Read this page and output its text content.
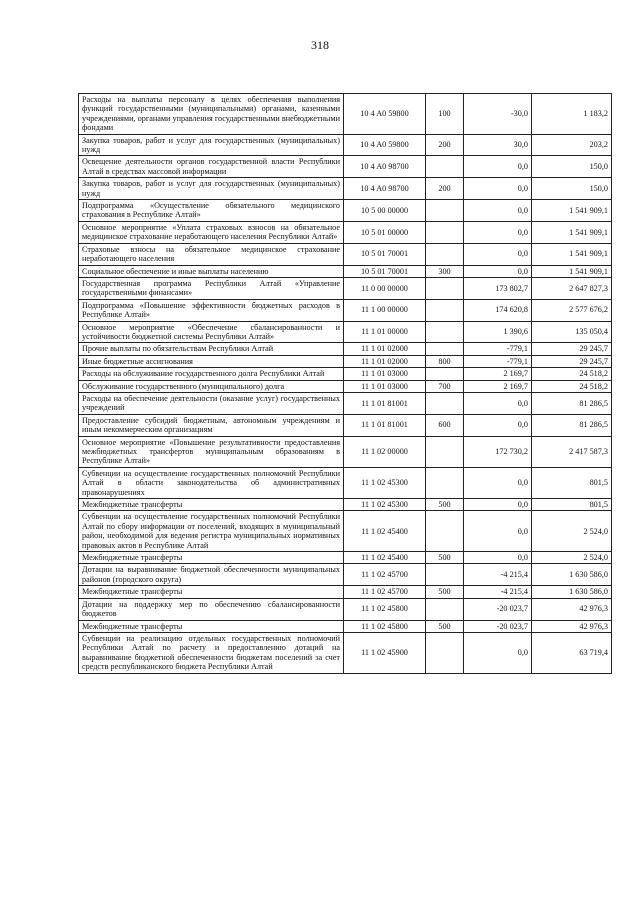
318
Расходы на выплаты персоналу в целях обеспечения выполнения функций государственными (муниципальными) органами, казенными учреждениями, органами управления государственными внебюджетными фондами	10 4 A0 59800	100	-30,0	1 183,2
Закупка товаров, работ и услуг для государственных (муниципальных) нужд	10 4 A0 59800	200	30,0	203,2
Освещение деятельности органов государственной власти Республики Алтай в средствах массовой информации	10 4 A0 98700		0,0	150,0
Закупка товаров, работ и услуг для государственных (муниципальных) нужд	10 4 A0 98700	200	0,0	150,0
Подпрограмма «Осуществление обязательного медицинского страхования в Республике Алтай»	10 5 00 00000		0,0	1 541 909,1
Основное мероприятие «Уплата страховых взносов на обязательное медицинское страхование неработающего населения Республики Алтай»	10 5 01 00000		0,0	1 541 909,1
Страховые взносы на обязательное медицинское страхование неработающего населения	10 5 01 70001		0,0	1 541 909,1
Социальное обеспечение и иные выплаты населению	10 5 01 70001	300	0,0	1 541 909,1
Государственная программа Республики Алтай «Управление государственными финансами»	11 0 00 00000		173 802,7	2 647 827,3
Подпрограмма «Повышение эффективности бюджетных расходов в Республике Алтай»	11 1 00 00000		174 620,8	2 577 676,2
Основное мероприятие «Обеспечение сбалансированности и устойчивости бюджетной системы Республики Алтай»	11 1 01 00000		1 390,6	135 050,4
Прочие выплаты по обязательствам Республики Алтай	11 1 01 02000		-779,1	29 245,7
Иные бюджетные ассигнования	11 1 01 02000	800	-779,1	29 245,7
Расходы на обслуживание государственного долга Республики Алтай	11 1 01 03000		2 169,7	24 518,2
Обслуживание государственного (муниципального) долга	11 1 01 03000	700	2 169,7	24 518,2
Расходы на обеспечение деятельности (оказание услуг) государственных учреждений	11 1 01 81001		0,0	81 286,5
Предоставление субсидий бюджетным, автономным учреждениям и иным некоммерческим организациям	11 1 01 81001	600	0,0	81 286,5
Основное мероприятие «Повышение результативности предоставления межбюджетных трансфертов муниципальным образованиям в Республике Алтай»	11 1 02 00000		172 730,2	2 417 587,3
Субвенции на осуществление государственных полномочий Республики Алтай в области законодательства об административных правонарушениях	11 1 02 45300		0,0	801,5
Межбюджетные трансферты	11 1 02 45300	500	0,0	801,5
Субвенции на осуществление государственных полномочий Республики Алтай по сбору информации от поселений, входящих в муниципальный район, необходимой для ведения регистра муниципальных нормативных правовых актов в Республике Алтай	11 1 02 45400		0,0	2 524,0
Межбюджетные трансферты	11 1 02 45400	500	0,0	2 524,0
Дотации на выравнивание бюджетной обеспеченности муниципальных районов (городского округа)	11 1 02 45700		-4 215,4	1 630 586,0
Межбюджетные трансферты	11 1 02 45700	500	-4 215,4	1 630 586,0
Дотации на поддержку мер по обеспечению сбалансированности бюджетов	11 1 02 45800		-20 023,7	42 976,3
Межбюджетные трансферты	11 1 02 45800	500	-20 023,7	42 976,3
Субвенции на реализацию отдельных государственных полномочий Республики Алтай по расчету и предоставлению дотаций на выравнивание бюджетной обеспеченности бюджетам поселений за счет средств республиканского бюджета Республики Алтай	11 1 02 45900		0,0	63 719,4
